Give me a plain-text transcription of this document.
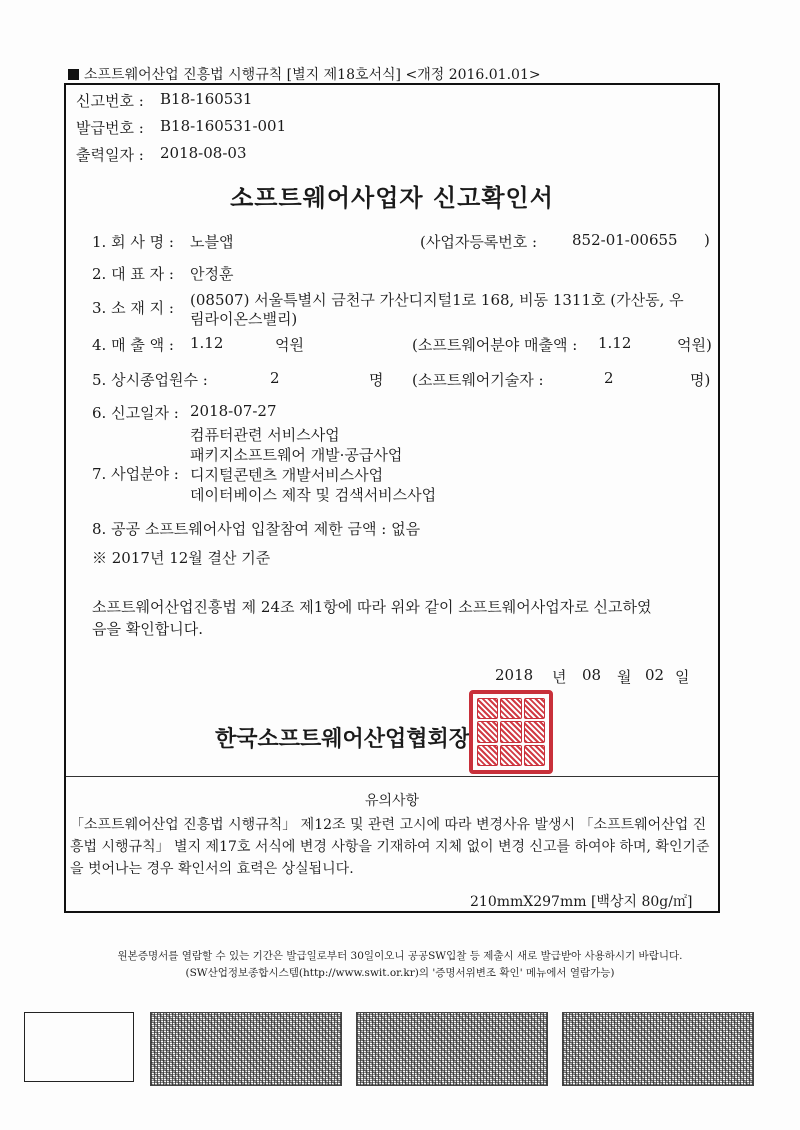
소프트웨어산업 진흥법 시행규칙 [별지 제18호서식] <개정 2016.01.01>
신고번호 : B18-160531
발급번호 : B18-160531-001
출력일자 : 2018-08-03
소프트웨어사업자 신고확인서
1. 회 사 명 : 노블앱	(사업자등록번호 : 852-01-00655 )
2. 대 표 자 : 안정훈
3. 소 재 지 : (08507) 서울특별시 금천구 가산디지털1로 168, 비동 1311호 (가산동, 우
림라이온스밸리)
4. 매 출 액 : 1.12	억원	(소프트웨어분야 매출액 : 1.12	억원)
5. 상시종업원수 :	2	명 (소프트웨어기술자 :	2	명)
6. 신고일자 : 2018-07-27
7. 사업분야 :
컴퓨터관련 서비스사업
패키지소프트웨어 개발·공급사업
디지털콘텐츠 개발서비스사업
데이터베이스 제작 및 검색서비스사업
8. 공공 소프트웨어사업 입찰참여 제한 금액 : 없음
※ 2017년 12월 결산 기준
소프트웨어산업진흥법 제 24조 제1항에 따라 위와 같이 소프트웨어사업자로 신고하였
음을 확인합니다.
2018 년 08 월 02 일
한국소프트웨어산업협회장
유의사항
「소프트웨어산업 진흥법 시행규칙」 제12조 및 관련 고시에 따라 변경사유 발생시 「소프트웨어산업 진흥법 시행규칙」 별지 제17호 서식에 변경 사항을 기재하여 지체 없이 변경 신고를 하여야 하며, 확인기준을 벗어나는 경우 확인서의 효력은 상실됩니다.
210mmX297mm [백상지 80g/㎡]
원본증명서를 열람할 수 있는 기간은 발급일로부터 30일이오니 공공SW입찰 등 제출시 새로 발급받아 사용하시기 바랍니다.
(SW산업정보종합시스템(http://www.swit.or.kr)의 '증명서위변조 확인' 메뉴에서 열람가능)
